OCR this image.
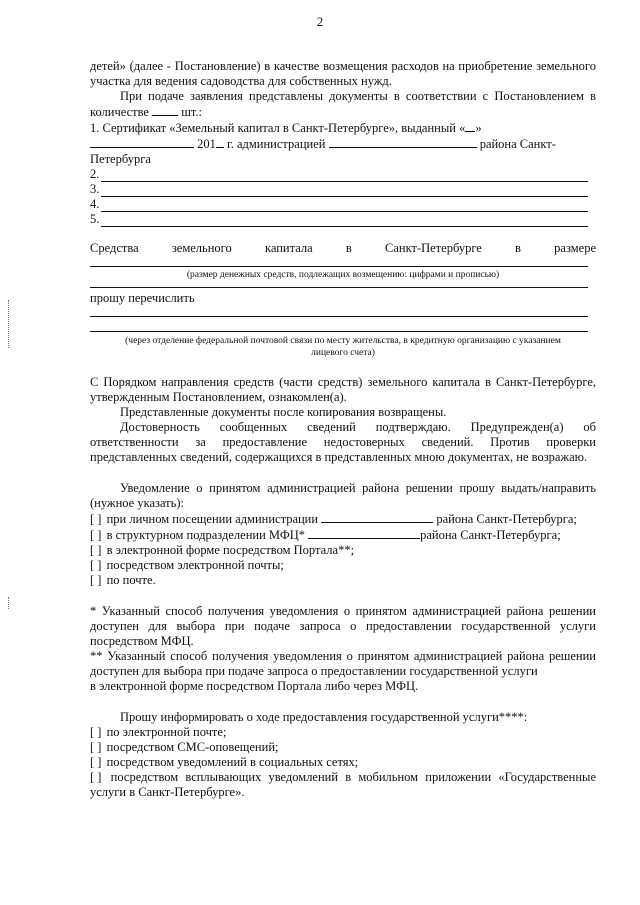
2

детей» (далее - Постановление) в качестве возмещения расходов на приобретение земельного участка для ведения садоводства для собственных нужд.

При подаче заявления представлены документы в соответствии с Постановлением в количестве	шт.:

1. Сертификат «Земельный капитал в Санкт-Петербурге», выданный « »

201 г. администрацией	района Санкт-

Петербурга

2.
3.
4.
5.

Средства земельного капитала в Санкт-Петербурге в размере

(размер денежных средств, подлежащих возмещению: цифрами и прописью)

прошу перечислить

(через отделение федеральной почтовой связи по месту жительства, в кредитную организацию с указанием
лицевого счета)

С Порядком направления средств (части средств) земельного капитала в Санкт-Петербурге, утвержденным Постановлением, ознакомлен(а).

Представленные документы после копирования возвращены.

Достоверность сообщенных сведений подтверждаю. Предупрежден(а) об ответственности за предоставление недостоверных сведений. Против проверки представленных сведений, содержащихся в представленных мною документах, не возражаю.

Уведомление о принятом администрацией района решении прошу выдать/направить (нужное указать):

[ ] при личном посещении администрации	района Санкт-Петербурга;

[ ] в структурном подразделении МФЦ*	района Санкт-Петербурга;

[ ] в электронной форме посредством Портала**;

[ ] посредством электронной почты;

[ ] по почте.

* Указанный способ получения уведомления о принятом администрацией района решении доступен для выбора при подаче запроса о предоставлении государственной услуги посредством МФЦ.

** Указанный способ получения уведомления о принятом администрацией района решении доступен для выбора при подаче запроса о предоставлении государственной услуги

в электронной форме посредством Портала либо через МФЦ.

Прошу информировать о ходе предоставления государственной услуги****:

[ ] по электронной почте;

[ ] посредством СМС-оповещений;

[ ] посредством уведомлений в социальных сетях;

[ ] посредством всплывающих уведомлений в мобильном приложении «Государственные услуги в Санкт-Петербурге».
